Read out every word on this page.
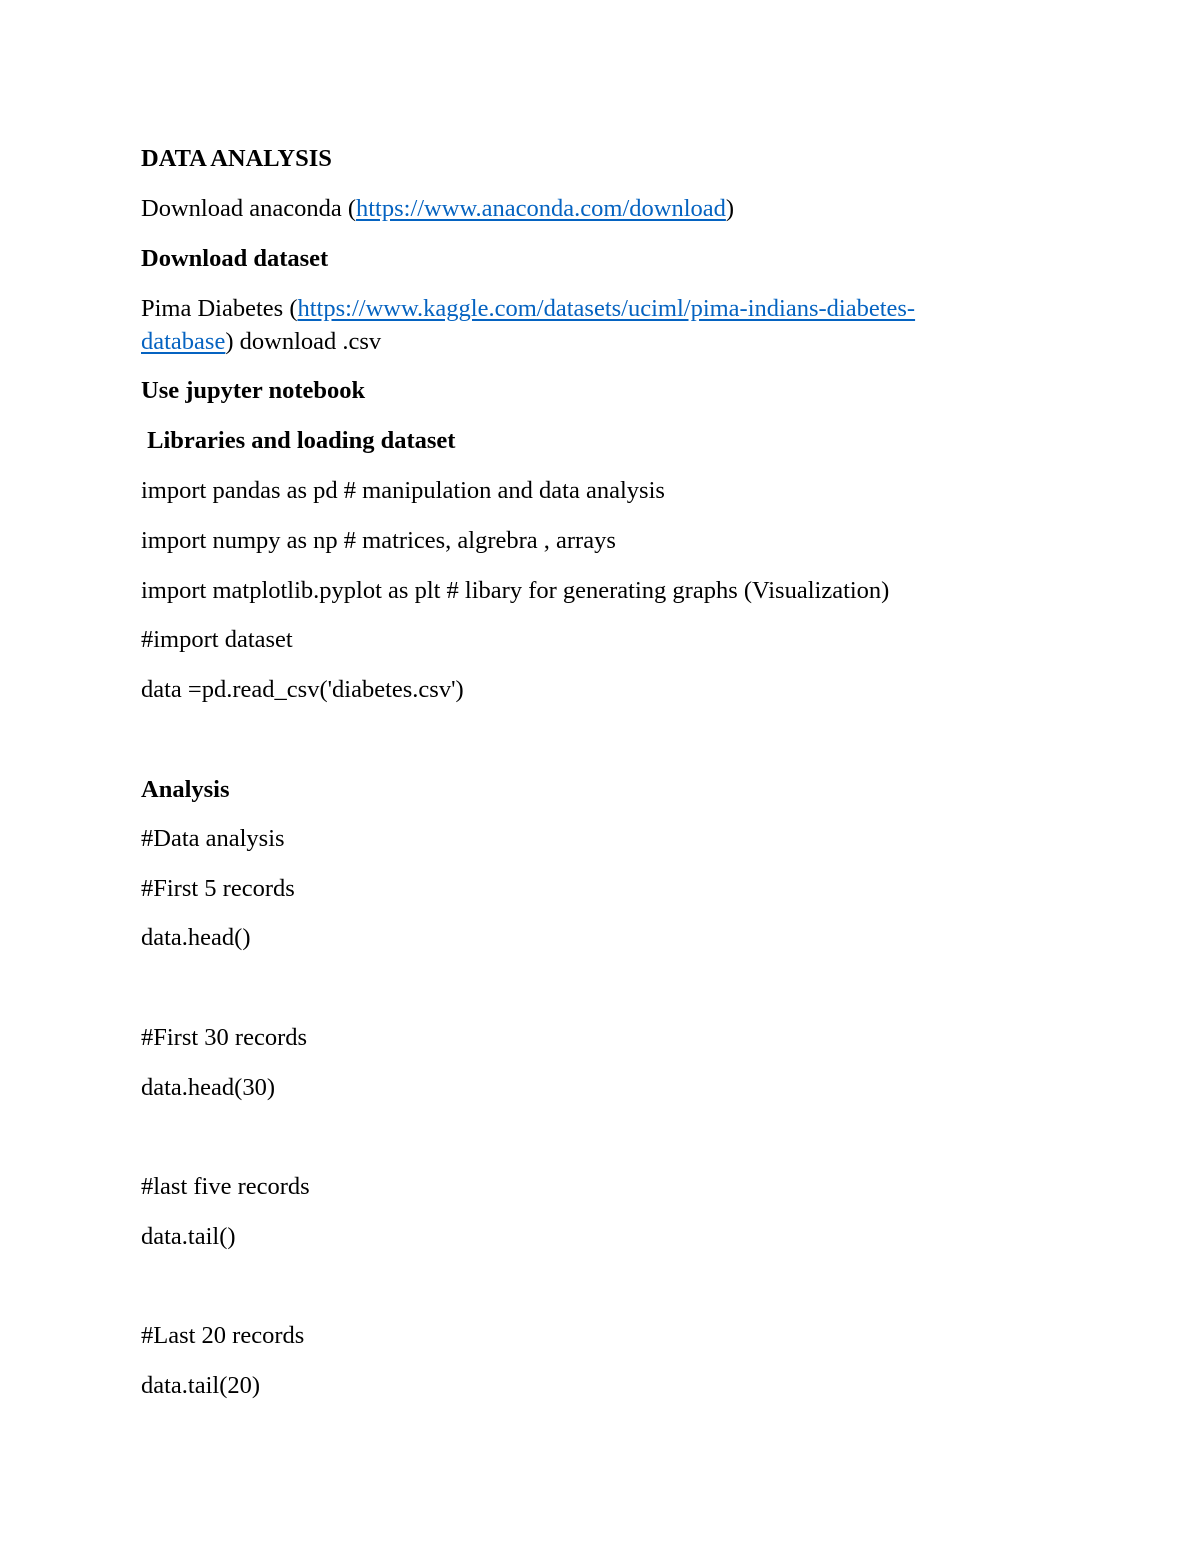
DATA ANALYSIS
Download anaconda (https://www.anaconda.com/download)
Download dataset
Pima Diabetes (https://www.kaggle.com/datasets/uciml/pima-indians-diabetes-
database) download .csv
Use jupyter notebook
Libraries and loading dataset
import pandas as pd # manipulation and data analysis
import numpy as np # matrices, algrebra , arrays
import matplotlib.pyplot as plt # libary for generating graphs (Visualization)
#import dataset
data =pd.read_csv('diabetes.csv')
Analysis
#Data analysis
#First 5 records
data.head()
#First 30 records
data.head(30)
#last five records
data.tail()
#Last 20 records
data.tail(20)
